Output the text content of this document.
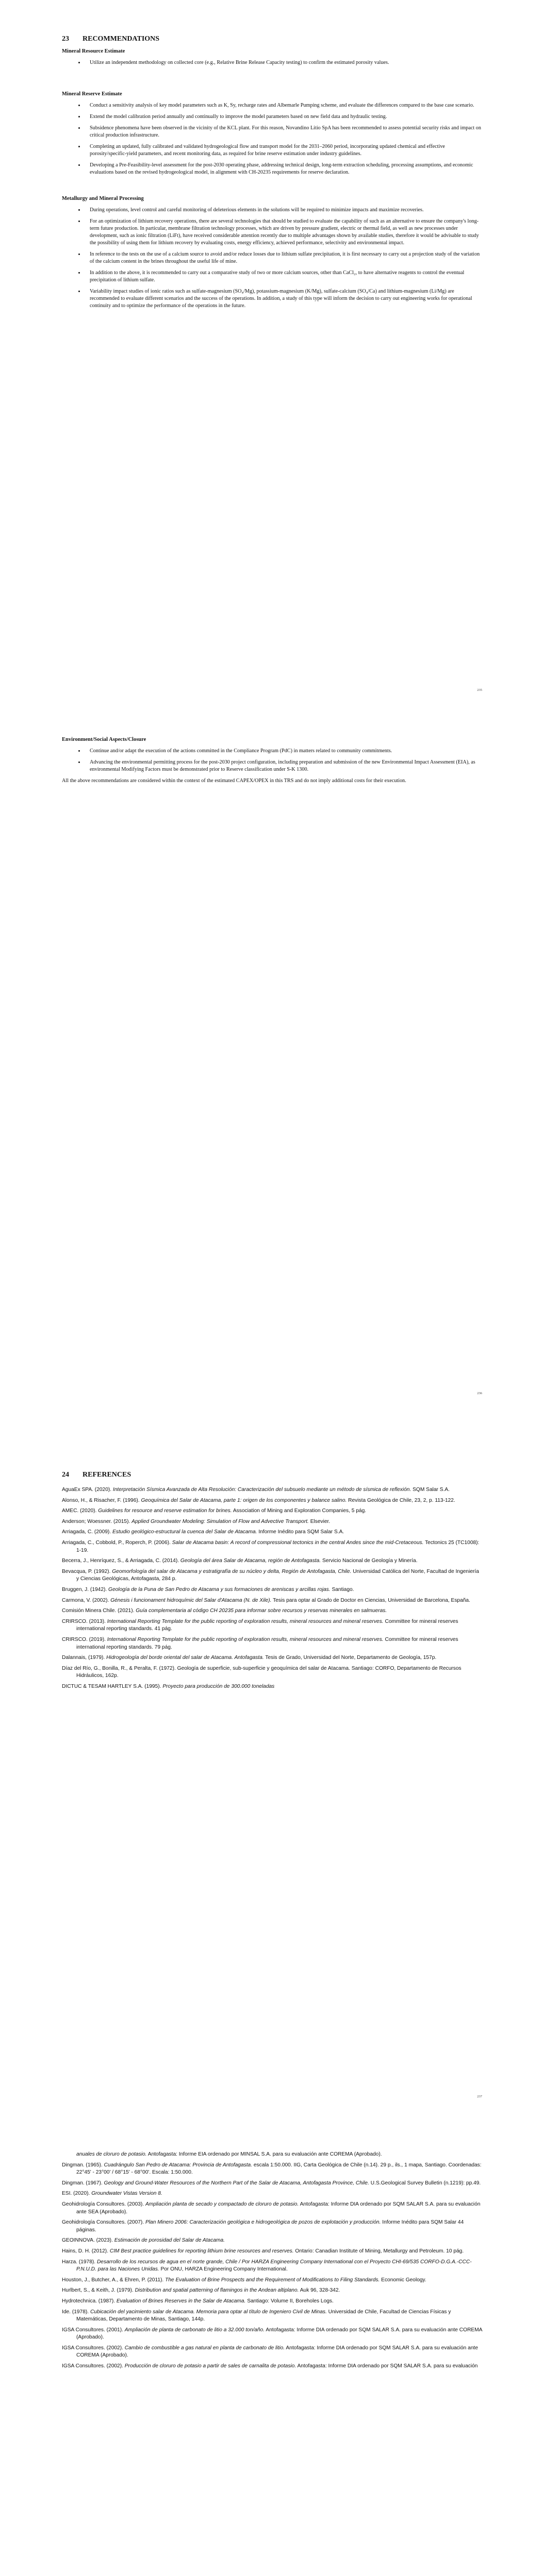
23 RECOMMENDATIONS
Mineral Resource Estimate
• Utilize an independent methodology on collected core (e.g., Relative Brine Release Capacity testing) to confirm the estimated porosity values.
Mineral Reserve Estimate
• Conduct a sensitivity analysis of key model parameters such as K, Sy, recharge rates and Albemarle Pumping scheme, and evaluate the differences compared to the base case scenario.
• Extend the model calibration period annually and continually to improve the model parameters based on new field data and hydraulic testing.
• Subsidence phenomena have been observed in the vicinity of the KCL plant. For this reason, Novandino Litio SpA has been recommended to assess potential security risks and impact on critical production infrastructure.
• Completing an updated, fully calibrated and validated hydrogeological flow and transport model for the 2031–2060 period, incorporating updated chemical and effective porosity/specific-yield parameters, and recent monitoring data, as required for brine reserve estimation under industry guidelines.
• Developing a Pre-Feasibility-level assessment for the post-2030 operating phase, addressing technical design, long-term extraction scheduling, processing assumptions, and economic evaluations based on the revised hydrogeological model, in alignment with CH-20235 requirements for reserve declaration.
Metallurgy and Mineral Processing
• During operations, level control and careful monitoring of deleterious elements in the solutions will be required to minimize impacts and maximize recoveries.
• For an optimization of lithium recovery operations, there are several technologies that should be studied to evaluate the capability of such as an alternative to ensure the company's long-term future production. In particular, membrane filtration technology processes, which are driven by pressure gradient, electric or thermal field, as well as new processes under development, such as ionic filtration (LiFt), have received considerable attention recently due to multiple advantages shown by available studies, therefore it would be advisable to study the possibility of using them for lithium recovery by evaluating costs, energy efficiency, achieved performance, selectivity and environmental impact.
• In reference to the tests on the use of a calcium source to avoid and/or reduce losses due to lithium sulfate precipitation, it is first necessary to carry out a projection study of the variation of the calcium content in the brines throughout the useful life of mine.
• In addition to the above, it is recommended to carry out a comparative study of two or more calcium sources, other than CaCl₂, to have alternative reagents to control the eventual precipitation of lithium sulfate.
• Variability impact studies of ionic ratios such as sulfate-magnesium (SO₄/Mg), potassium-magnesium (K/Mg), sulfate-calcium (SO₄/Ca) and lithium-magnesium (Li/Mg) are recommended to evaluate different scenarios and the success of the operations. In addition, a study of this type will inform the decision to carry out engineering works for operational continuity and to optimize the performance of the operations in the future.
235
Environment/Social Aspects/Closure
• Continue and/or adapt the execution of the actions committed in the Compliance Program (PdC) in matters related to community commitments.
• Advancing the environmental permitting process for the post-2030 project configuration, including preparation and submission of the new Environmental Impact Assessment (EIA), as environmental Modifying Factors must be demonstrated prior to Reserve classification under S-K 1300.
All the above recommendations are considered within the context of the estimated CAPEX/OPEX in this TRS and do not imply additional costs for their execution.
236
24 REFERENCES
AguaEx SPA. (2020). Interpretación Sísmica Avanzada de Alta Resolución: Caracterización del subsuelo mediante un método de sísmica de reflexión. SQM Salar S.A.
Alonso, H., & Risacher, F. (1996). Geoquímica del Salar de Atacama, parte 1: origen de los componentes y balance salino. Revista Geológica de Chile, 23, 2, p. 113-122.
AMEC. (2020). Guidelines for resource and reserve estimation for brines. Association of Mining and Exploration Companies, 5 pág.
Anderson; Woessner. (2015). Applied Groundwater Modeling: Simulation of Flow and Advective Transport. Elsevier.
Arriagada, C. (2009). Estudio geológico-estructural la cuenca del Salar de Atacama. Informe Inédito para SQM Salar S.A.
Arriagada, C., Cobbold, P., Roperch, P. (2006). Salar de Atacama basin: A record of compressional tectonics in the central Andes since the mid-Cretaceous. Tectonics 25 (TC1008): 1-19.
Becerra, J., Henríquez, S., & Arriagada, C. (2014). Geología del área Salar de Atacama, región de Antofagasta. Servicio Nacional de Geología y Minería.
Bevacqua, P. (1992). Geomorfología del salar de Atacama y estratigrafía de su núcleo y delta, Región de Antofagasta, Chile. Universidad Católica del Norte, Facultad de Ingeniería y Ciencias Geológicas, Antofagasta, 284 p.
Bruggen, J. (1942). Geología de la Puna de San Pedro de Atacama y sus formaciones de areniscas y arcillas rojas. Santiago.
Carmona, V. (2002). Génesis i funcionament hidroquímic del Salar d'Atacama (N. de Xile). Tesis para optar al Grado de Doctor en Ciencias, Universidad de Barcelona, España.
Comisión Minera Chile. (2021). Guía complementaria al código CH 20235 para informar sobre recursos y reservas minerales en salmueras.
CRIRSCO. (2013). International Reporting Template for the public reporting of exploration results, mineral resources and mineral reserves. Committee for mineral reserves international reporting standards. 41 pág.
CRIRSCO. (2019). International Reporting Template for the public reporting of exploration results, mineral resources and mineral reserves. Committee for mineral reserves international reporting standards. 79 pág.
Dalannais, (1979). Hidrogeología del borde oriental del salar de Atacama. Antofagasta. Tesis de Grado, Universidad del Norte, Departamento de Geología, 157p.
Díaz del Río, G., Bonilla, R., & Peralta, F. (1972). Geología de superficie, sub-superficie y geoquímica del salar de Atacama. Santiago: CORFO, Departamento de Recursos Hidráulicos, 162p.
DICTUC & TESAM HARTLEY S.A. (1995). Proyecto para producción de 300.000 toneladas
237
anuales de cloruro de potasio. Antofagasta: Informe EIA ordenado por MINSAL S.A. para su evaluación ante COREMA (Aprobado).
Dingman. (1965). Cuadrángulo San Pedro de Atacama: Provincia de Antofagasta. escala 1:50.000. IIG, Carta Geológica de Chile (n.14). 29 p., ils., 1 mapa, Santiago. Coordenadas: 22°45' - 23°00' / 68°15' - 68°00'. Escala: 1:50.000.
Dingman. (1967). Geology and Ground-Water Resources of the Northern Part of the Salar de Atacama, Antofagasta Province, Chile. U.S.Geological Survey Bulletin (n.1219): pp.49.
ESI. (2020). Groundwater Vistas Version 8.
Geohidrología Consultores. (2003). Ampliación planta de secado y compactado de cloruro de potasio. Antofagasta: Informe DIA ordenado por SQM SALAR S.A. para su evaluación ante SEA (Aprobado).
Geohidrología Consultores. (2007). Plan Minero 2006: Caracterización geológica e hidrogeológica de pozos de explotación y producción. Informe Inédito para SQM Salar 44 páginas.
GEOINNOVA. (2023). Estimación de porosidad del Salar de Atacama.
Hains, D. H. (2012). CIM Best practice guidelines for reporting lithium brine resources and reserves. Ontario: Canadian Institute of Mining, Metallurgy and Petroleum. 10 pág.
Harza. (1978). Desarrollo de los recursos de agua en el norte grande, Chile / Por HARZA Engineering Company International con el Proyecto CHI-69/535 CORFO-D.G.A.-CCC-P.N.U.D. para las Naciones Unidas. Por ONU, HARZA Engineering Company International.
Houston, J., Butcher, A., & Ehren, P. (2011). The Evaluation of Brine Prospects and the Requirement of Modifications to Filing Standards. Economic Geology.
Hurlbert, S., & Keith, J. (1979). Distribution and spatial patterning of flamingos in the Andean altiplano. Auk 96, 328-342.
Hydrotechnica. (1987). Evaluation of Brines Reserves in the Salar de Atacama. Santiago: Volume II, Boreholes Logs.
Ide. (1978). Cubicación del yacimiento salar de Atacama. Memoria para optar al título de Ingeniero Civil de Minas. Universidad de Chile, Facultad de Ciencias Físicas y Matemáticas, Departamento de Minas, Santiago, 144p.
IGSA Consultores. (2001). Ampliación de planta de carbonato de litio a 32.000 ton/año. Antofagasta: Informe DIA ordenado por SQM SALAR S.A. para su evaluación ante COREMA (Aprobado).
IGSA Consultores. (2002). Cambio de combustible a gas natural en planta de carbonato de litio. Antofagasta: Informe DIA ordenado por SQM SALAR S.A. para su evaluación ante COREMA (Aprobado).
IGSA Consultores. (2002). Producción de cloruro de potasio a partir de sales de carnalita de potasio. Antofagasta: Informe DIA ordenado por SQM SALAR S.A. para su evaluación
